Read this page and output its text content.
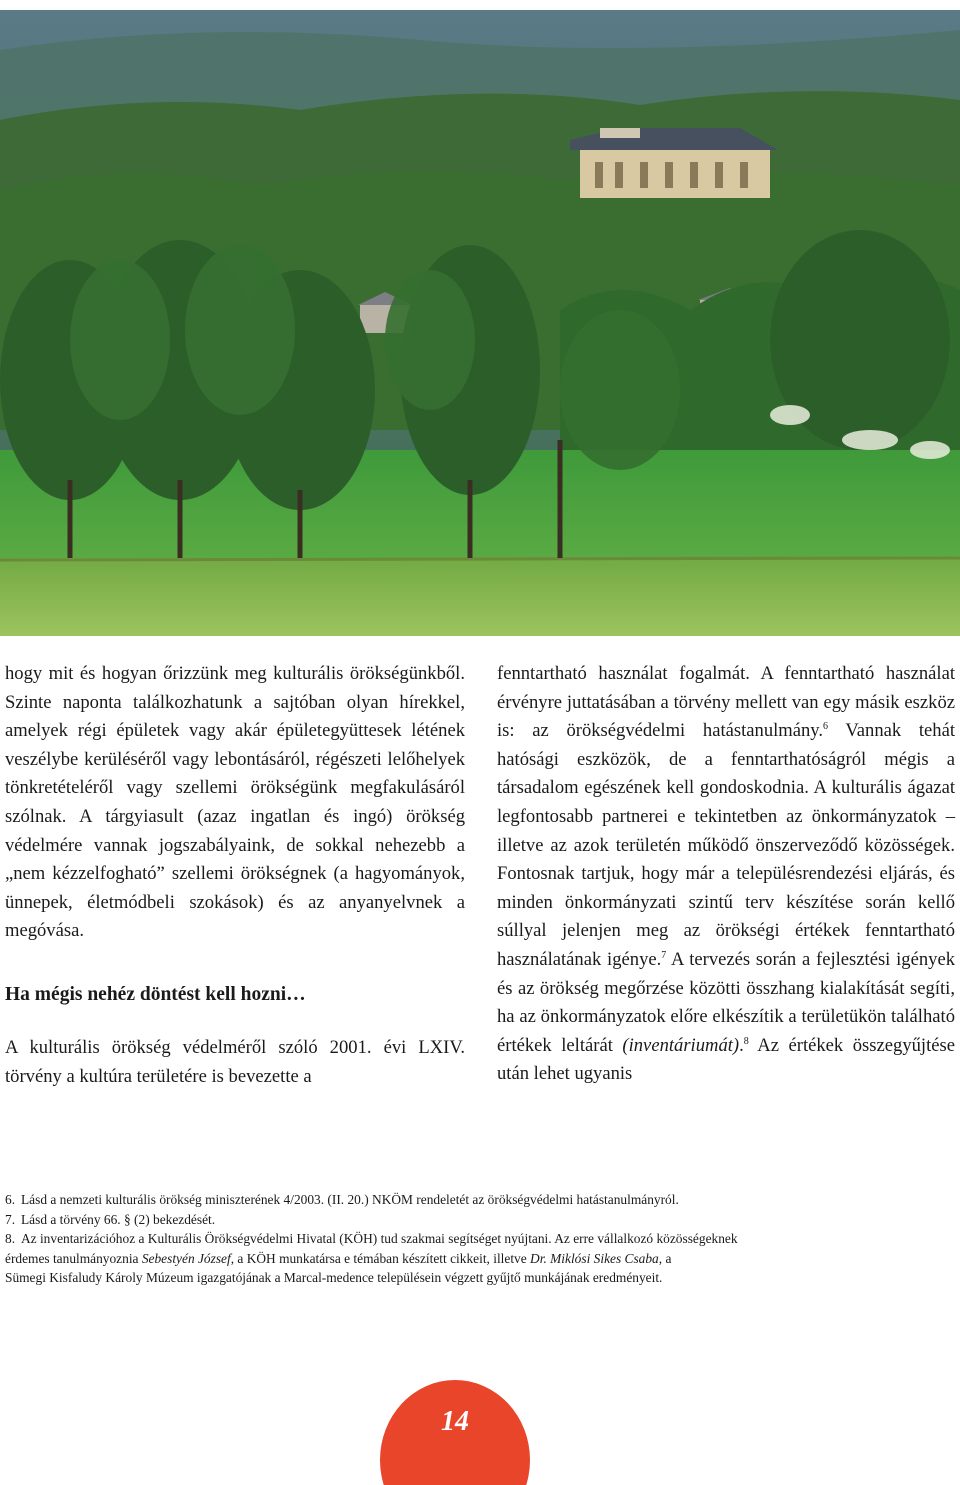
hogy mit és hogyan őrizzünk meg kulturális örökségünkből. Szinte naponta találkozhatunk a sajtóban olyan hírekkel, amelyek régi épületek vagy akár épületegyüttesek létének veszélybe kerüléséről vagy lebontásáról, régészeti lelőhelyek tönkretételéről vagy szellemi örökségünk megfakulásáról szólnak. A tárgyiasult (azaz ingatlan és ingó) örökség védelmére vannak jogszabályaink, de sokkal nehezebb a „nem kézzelfogható” szellemi örökségnek (a hagyományok, ünnepek, életmódbeli szokások) és az anyanyelvnek a megóvása.

Ha mégis nehéz döntést kell hozni…

A kulturális örökség védelméről szóló 2001. évi LXIV. törvény a kultúra területére is bevezette a

fenntartható használat fogalmát. A fenntartható használat érvényre juttatásában a törvény mellett van egy másik eszköz is: az örökségvédelmi hatástanulmány.$^6$ Vannak tehát hatósági eszközök, de a fenntarthatóságról mégis a társadalom egészének kell gondoskodnia. A kulturális ágazat legfontosabb partnerei e tekintetben az önkormányzatok – illetve az azok területén működő önszerveződő közösségek. Fontosnak tartjuk, hogy már a településrendezési eljárás, és minden önkormányzati szintű terv készítése során kellő súllyal jelenjen meg az örökségi értékek fenntartható használatának igénye.$^7$ A tervezés során a fejlesztési igények és az örökség megőrzése közötti összhang kialakítását segíti, ha az önkormányzatok előre elkészítik a területükön található értékek leltárát (inventáriumát).$^8$ Az értékek összegyűjtése után lehet ugyanis

6. Lásd a nemzeti kulturális örökség miniszterének 4/2003. (II. 20.) NKÖM rendeletét az örökségvédelmi hatástanulmányról.
7. Lásd a törvény 66. § (2) bekezdését.
8. Az inventarizációhoz a Kulturális Örökségvédelmi Hivatal (KÖH) tud szakmai segítséget nyújtani. Az erre vállalkozó közösségeknek
érdemes tanulmányoznia Sebestyén József, a KÖH munkatársa e témában készített cikkeit, illetve Dr. Miklósi Sikes Csaba, a
Sümegi Kisfaludy Károly Múzeum igazgatójának a Marcal-medence településein végzett gyűjtő munkájának eredményeit.
14
